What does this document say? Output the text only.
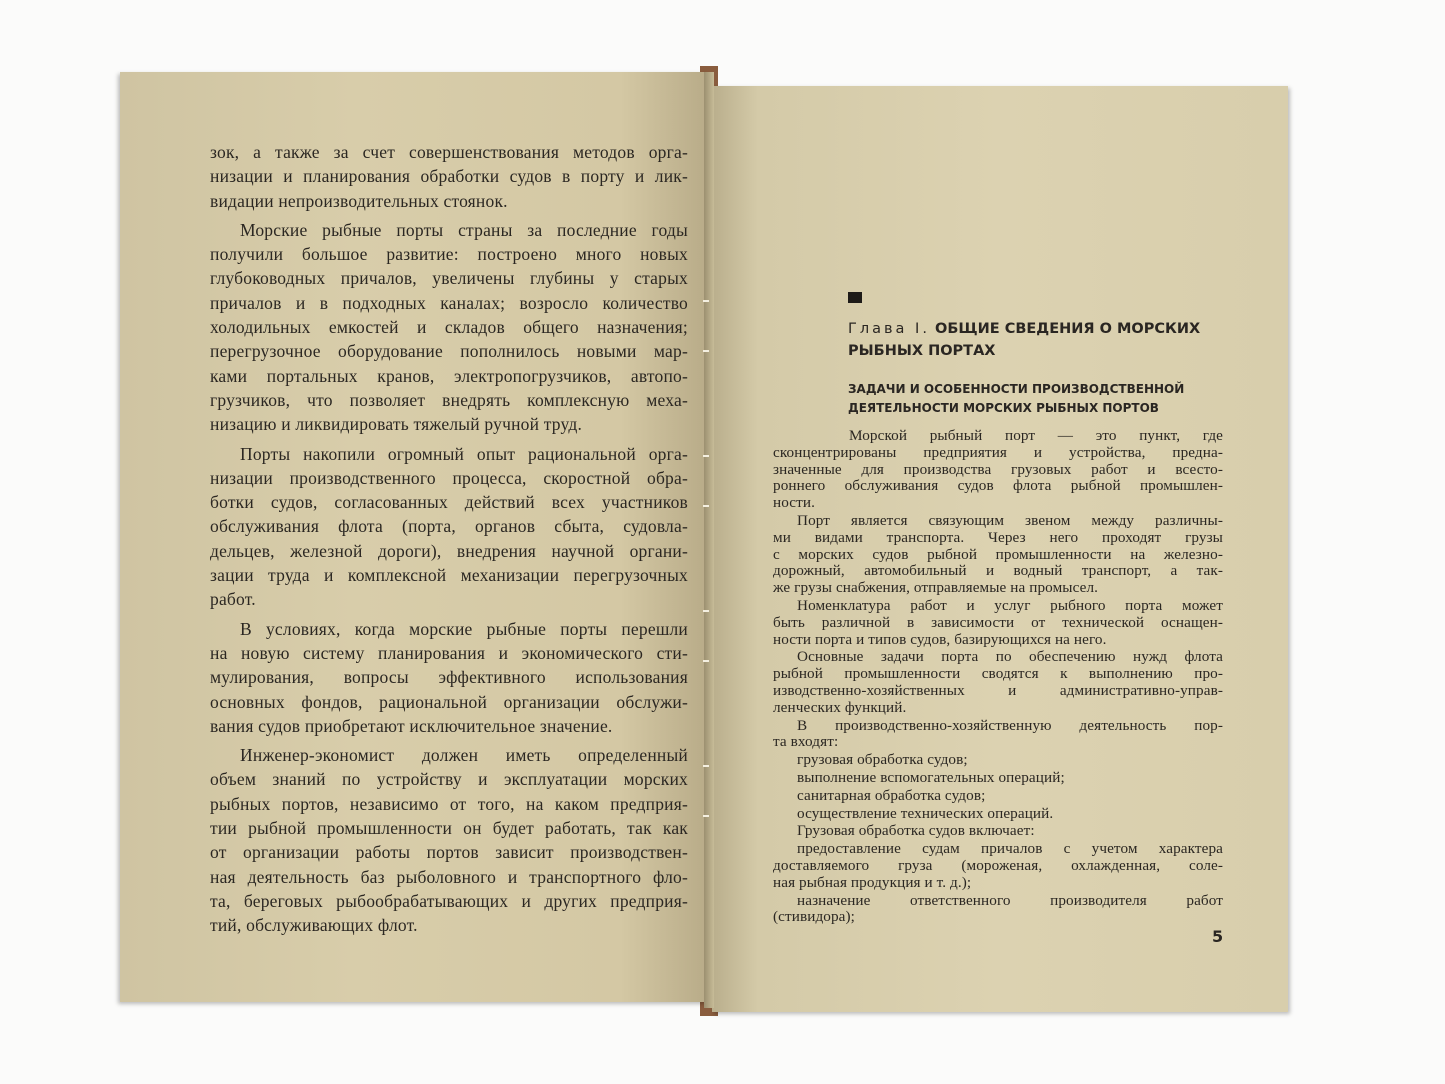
зок, а также за счет совершенствования методов орга-
низации и планирования обработки судов в порту и лик-
видации непроизводительных стоянок.
Морские рыбные порты страны за последние годы
получили большое развитие: построено много новых
глубоководных причалов, увеличены глубины у старых
причалов и в подходных каналах; возросло количество
холодильных емкостей и складов общего назначения;
перегрузочное оборудование пополнилось новыми мар-
ками портальных кранов, электропогрузчиков, автопо-
грузчиков, что позволяет внедрять комплексную меха-
низацию и ликвидировать тяжелый ручной труд.
Порты накопили огромный опыт рациональной орга-
низации производственного процесса, скоростной обра-
ботки судов, согласованных действий всех участников
обслуживания флота (порта, органов сбыта, судовла-
дельцев, железной дороги), внедрения научной органи-
зации труда и комплексной механизации перегрузочных
работ.
В условиях, когда морские рыбные порты перешли
на новую систему планирования и экономического сти-
мулирования, вопросы эффективного использования
основных фондов, рациональной организации обслужи-
вания судов приобретают исключительное значение.
Инженер-экономист должен иметь определенный
объем знаний по устройству и эксплуатации морских
рыбных портов, независимо от того, на каком предприя-
тии рыбной промышленности он будет работать, так как
от организации работы портов зависит производствен-
ная деятельность баз рыболовного и транспортного фло-
та, береговых рыбообрабатывающих и других предприя-
тий, обслуживающих флот.
Глава I. ОБЩИЕ СВЕДЕНИЯ О МОРСКИХ РЫБНЫХ ПОРТАХ
ЗАДАЧИ И ОСОБЕННОСТИ ПРОИЗВОДСТВЕННОЙ ДЕЯТЕЛЬНОСТИ МОРСКИХ РЫБНЫХ ПОРТОВ
Морской рыбный порт — это пункт, где
сконцентрированы предприятия и устройства, предна-
значенные для производства грузовых работ и всесто-
роннего обслуживания судов флота рыбной промышлен-
ности.
Порт является связующим звеном между различны-
ми видами транспорта. Через него проходят грузы
с морских судов рыбной промышленности на железно-
дорожный, автомобильный и водный транспорт, а так-
же грузы снабжения, отправляемые на промысел.
Номенклатура работ и услуг рыбного порта может
быть различной в зависимости от технической оснащен-
ности порта и типов судов, базирующихся на него.
Основные задачи порта по обеспечению нужд флота
рыбной промышленности сводятся к выполнению про-
изводственно-хозяйственных и административно-управ-
ленческих функций.
В производственно-хозяйственную деятельность пор-
та входят:
грузовая обработка судов;
выполнение вспомогательных операций;
санитарная обработка судов;
осуществление технических операций.
Грузовая обработка судов включает:
предоставление судам причалов с учетом характера
доставляемого груза (мороженая, охлажденная, соле-
ная рыбная продукция и т. д.);
назначение ответственного производителя работ
(стивидора);
5
